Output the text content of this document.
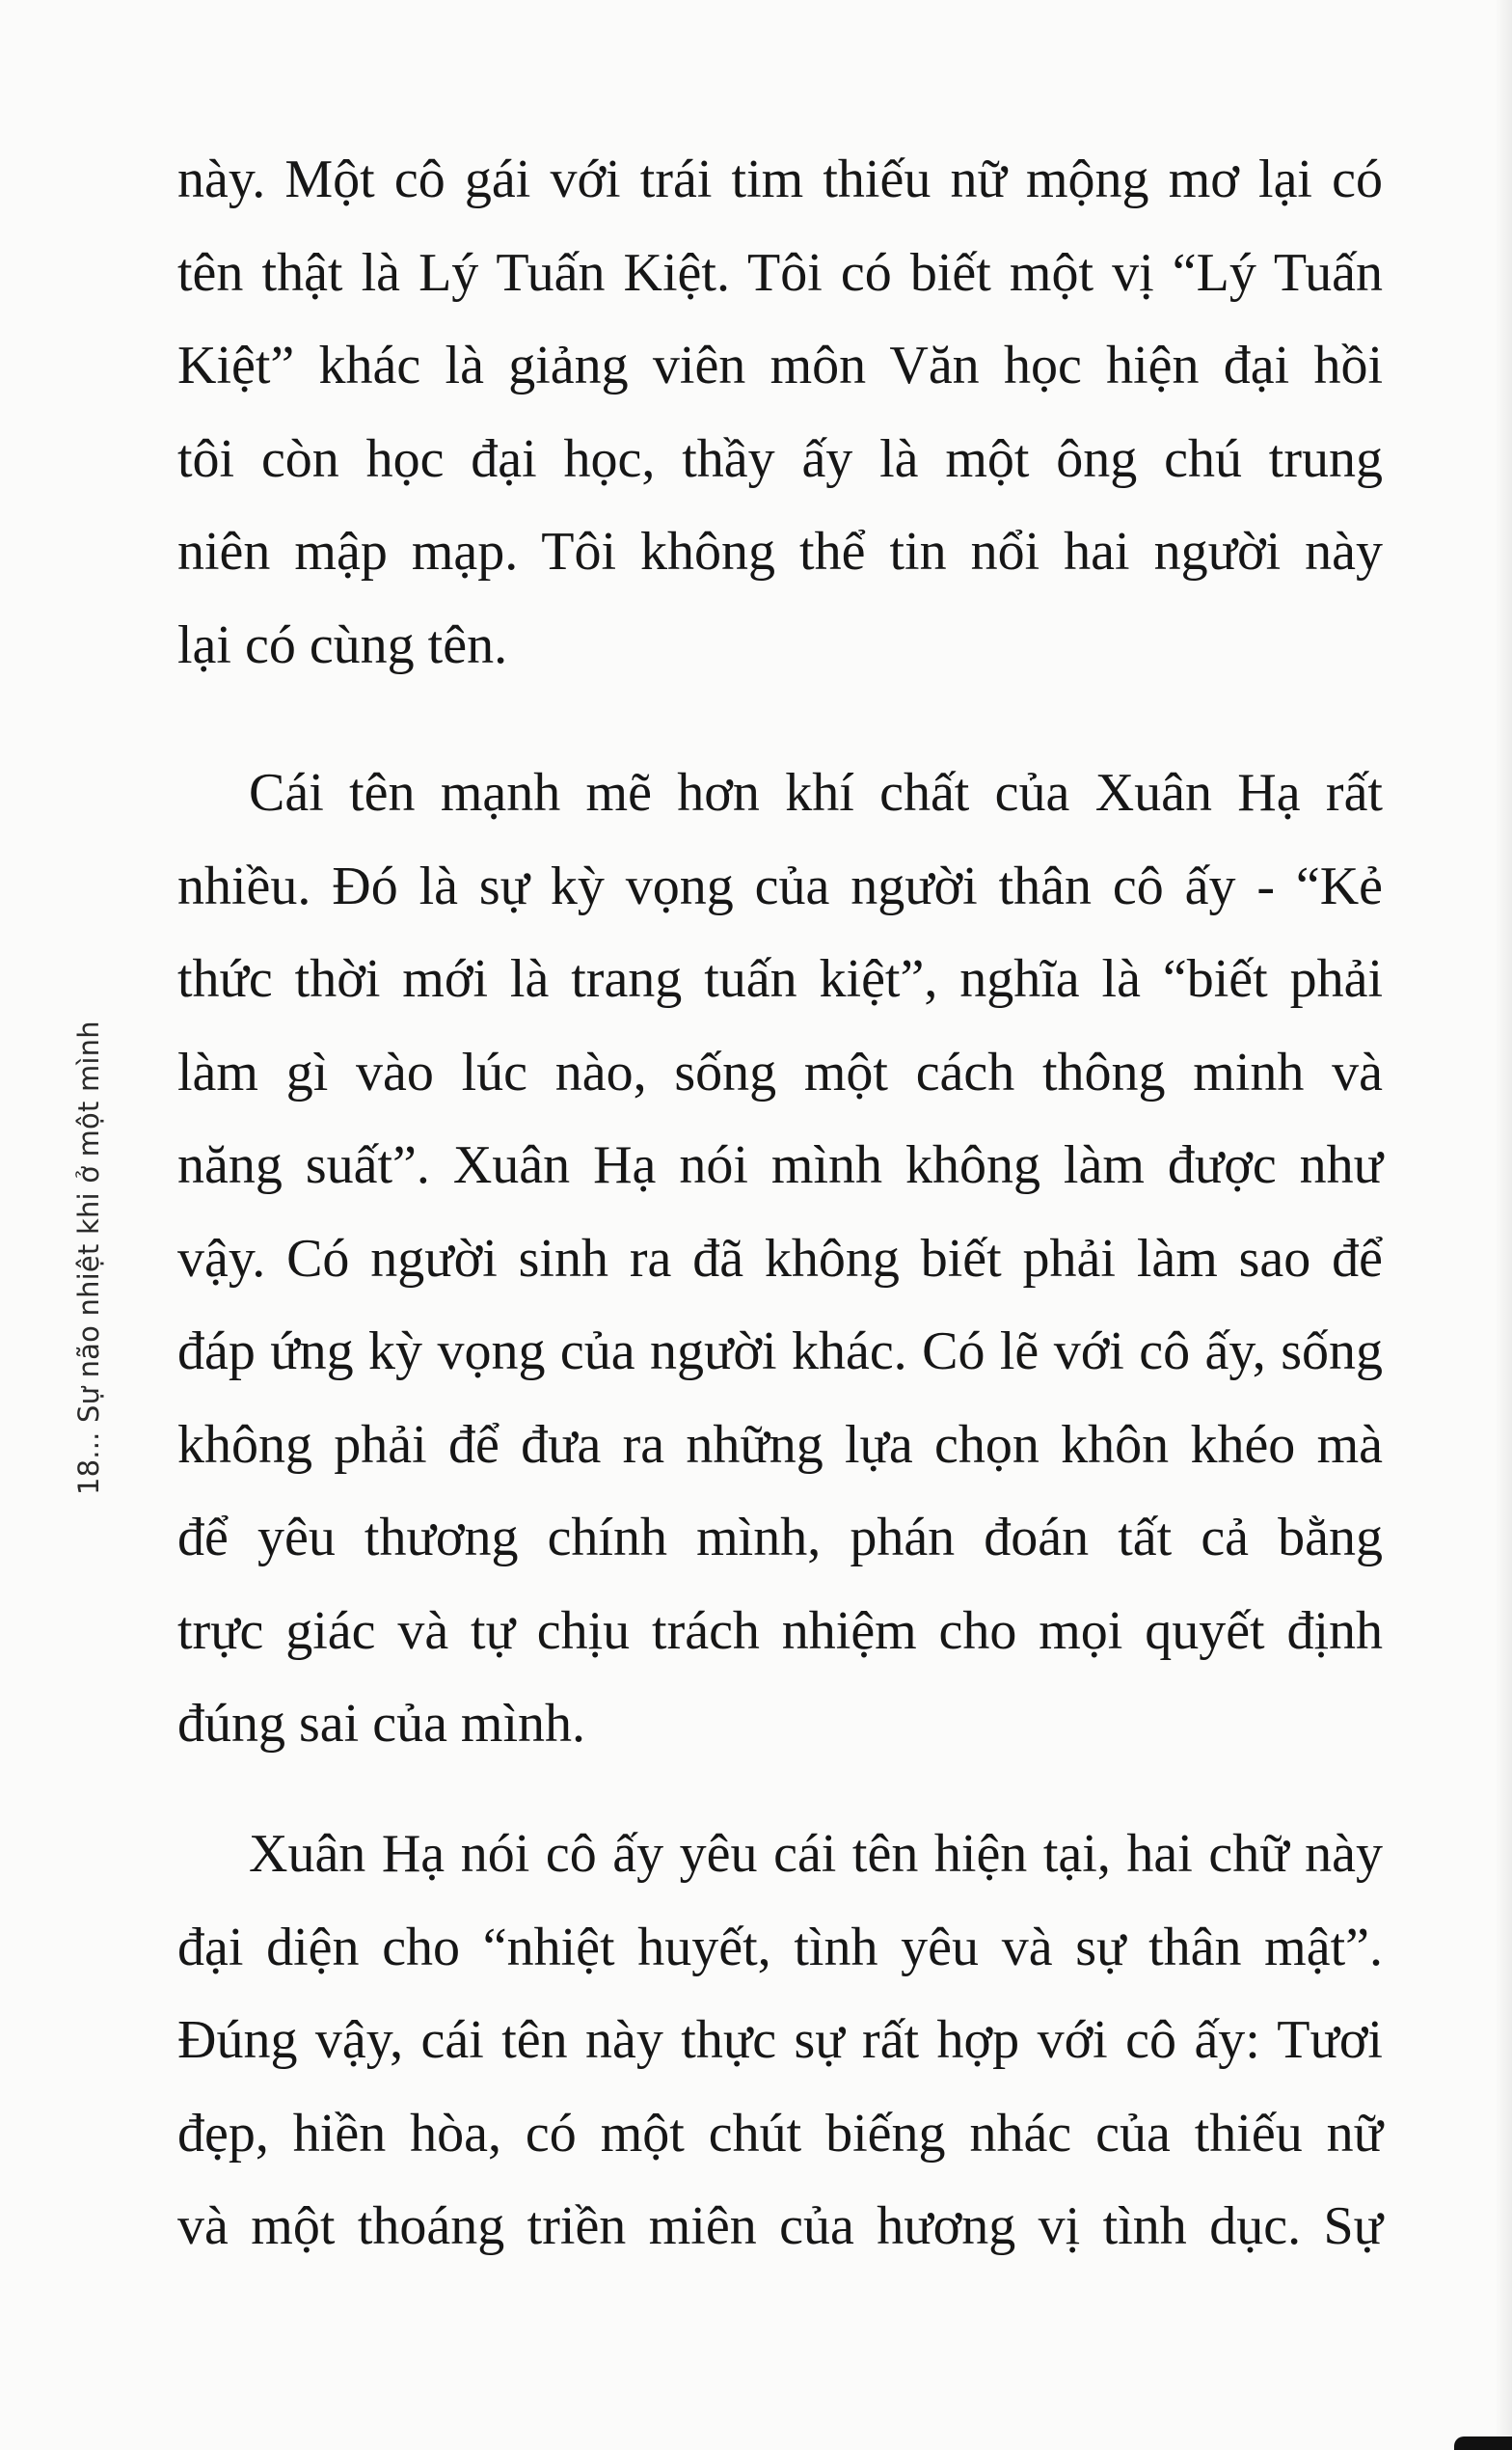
18... Sự não nhiệt khi ở một mình
này. Một cô gái với trái tim thiếu nữ mộng mơ lại có
tên thật là Lý Tuấn Kiệt. Tôi có biết một vị “Lý Tuấn
Kiệt” khác là giảng viên môn Văn học hiện đại hồi
tôi còn học đại học, thầy ấy là một ông chú trung
niên mập mạp. Tôi không thể tin nổi hai người này
lại có cùng tên.
Cái tên mạnh mẽ hơn khí chất của Xuân Hạ rất
nhiều. Đó là sự kỳ vọng của người thân cô ấy - “Kẻ
thức thời mới là trang tuấn kiệt”, nghĩa là “biết phải
làm gì vào lúc nào, sống một cách thông minh và
năng suất”. Xuân Hạ nói mình không làm được như
vậy. Có người sinh ra đã không biết phải làm sao để
đáp ứng kỳ vọng của người khác. Có lẽ với cô ấy, sống
không phải để đưa ra những lựa chọn khôn khéo mà
để yêu thương chính mình, phán đoán tất cả bằng
trực giác và tự chịu trách nhiệm cho mọi quyết định
đúng sai của mình.
Xuân Hạ nói cô ấy yêu cái tên hiện tại, hai chữ này
đại diện cho “nhiệt huyết, tình yêu và sự thân mật”.
Đúng vậy, cái tên này thực sự rất hợp với cô ấy: Tươi
đẹp, hiền hòa, có một chút biếng nhác của thiếu nữ
và một thoáng triền miên của hương vị tình dục. Sự
